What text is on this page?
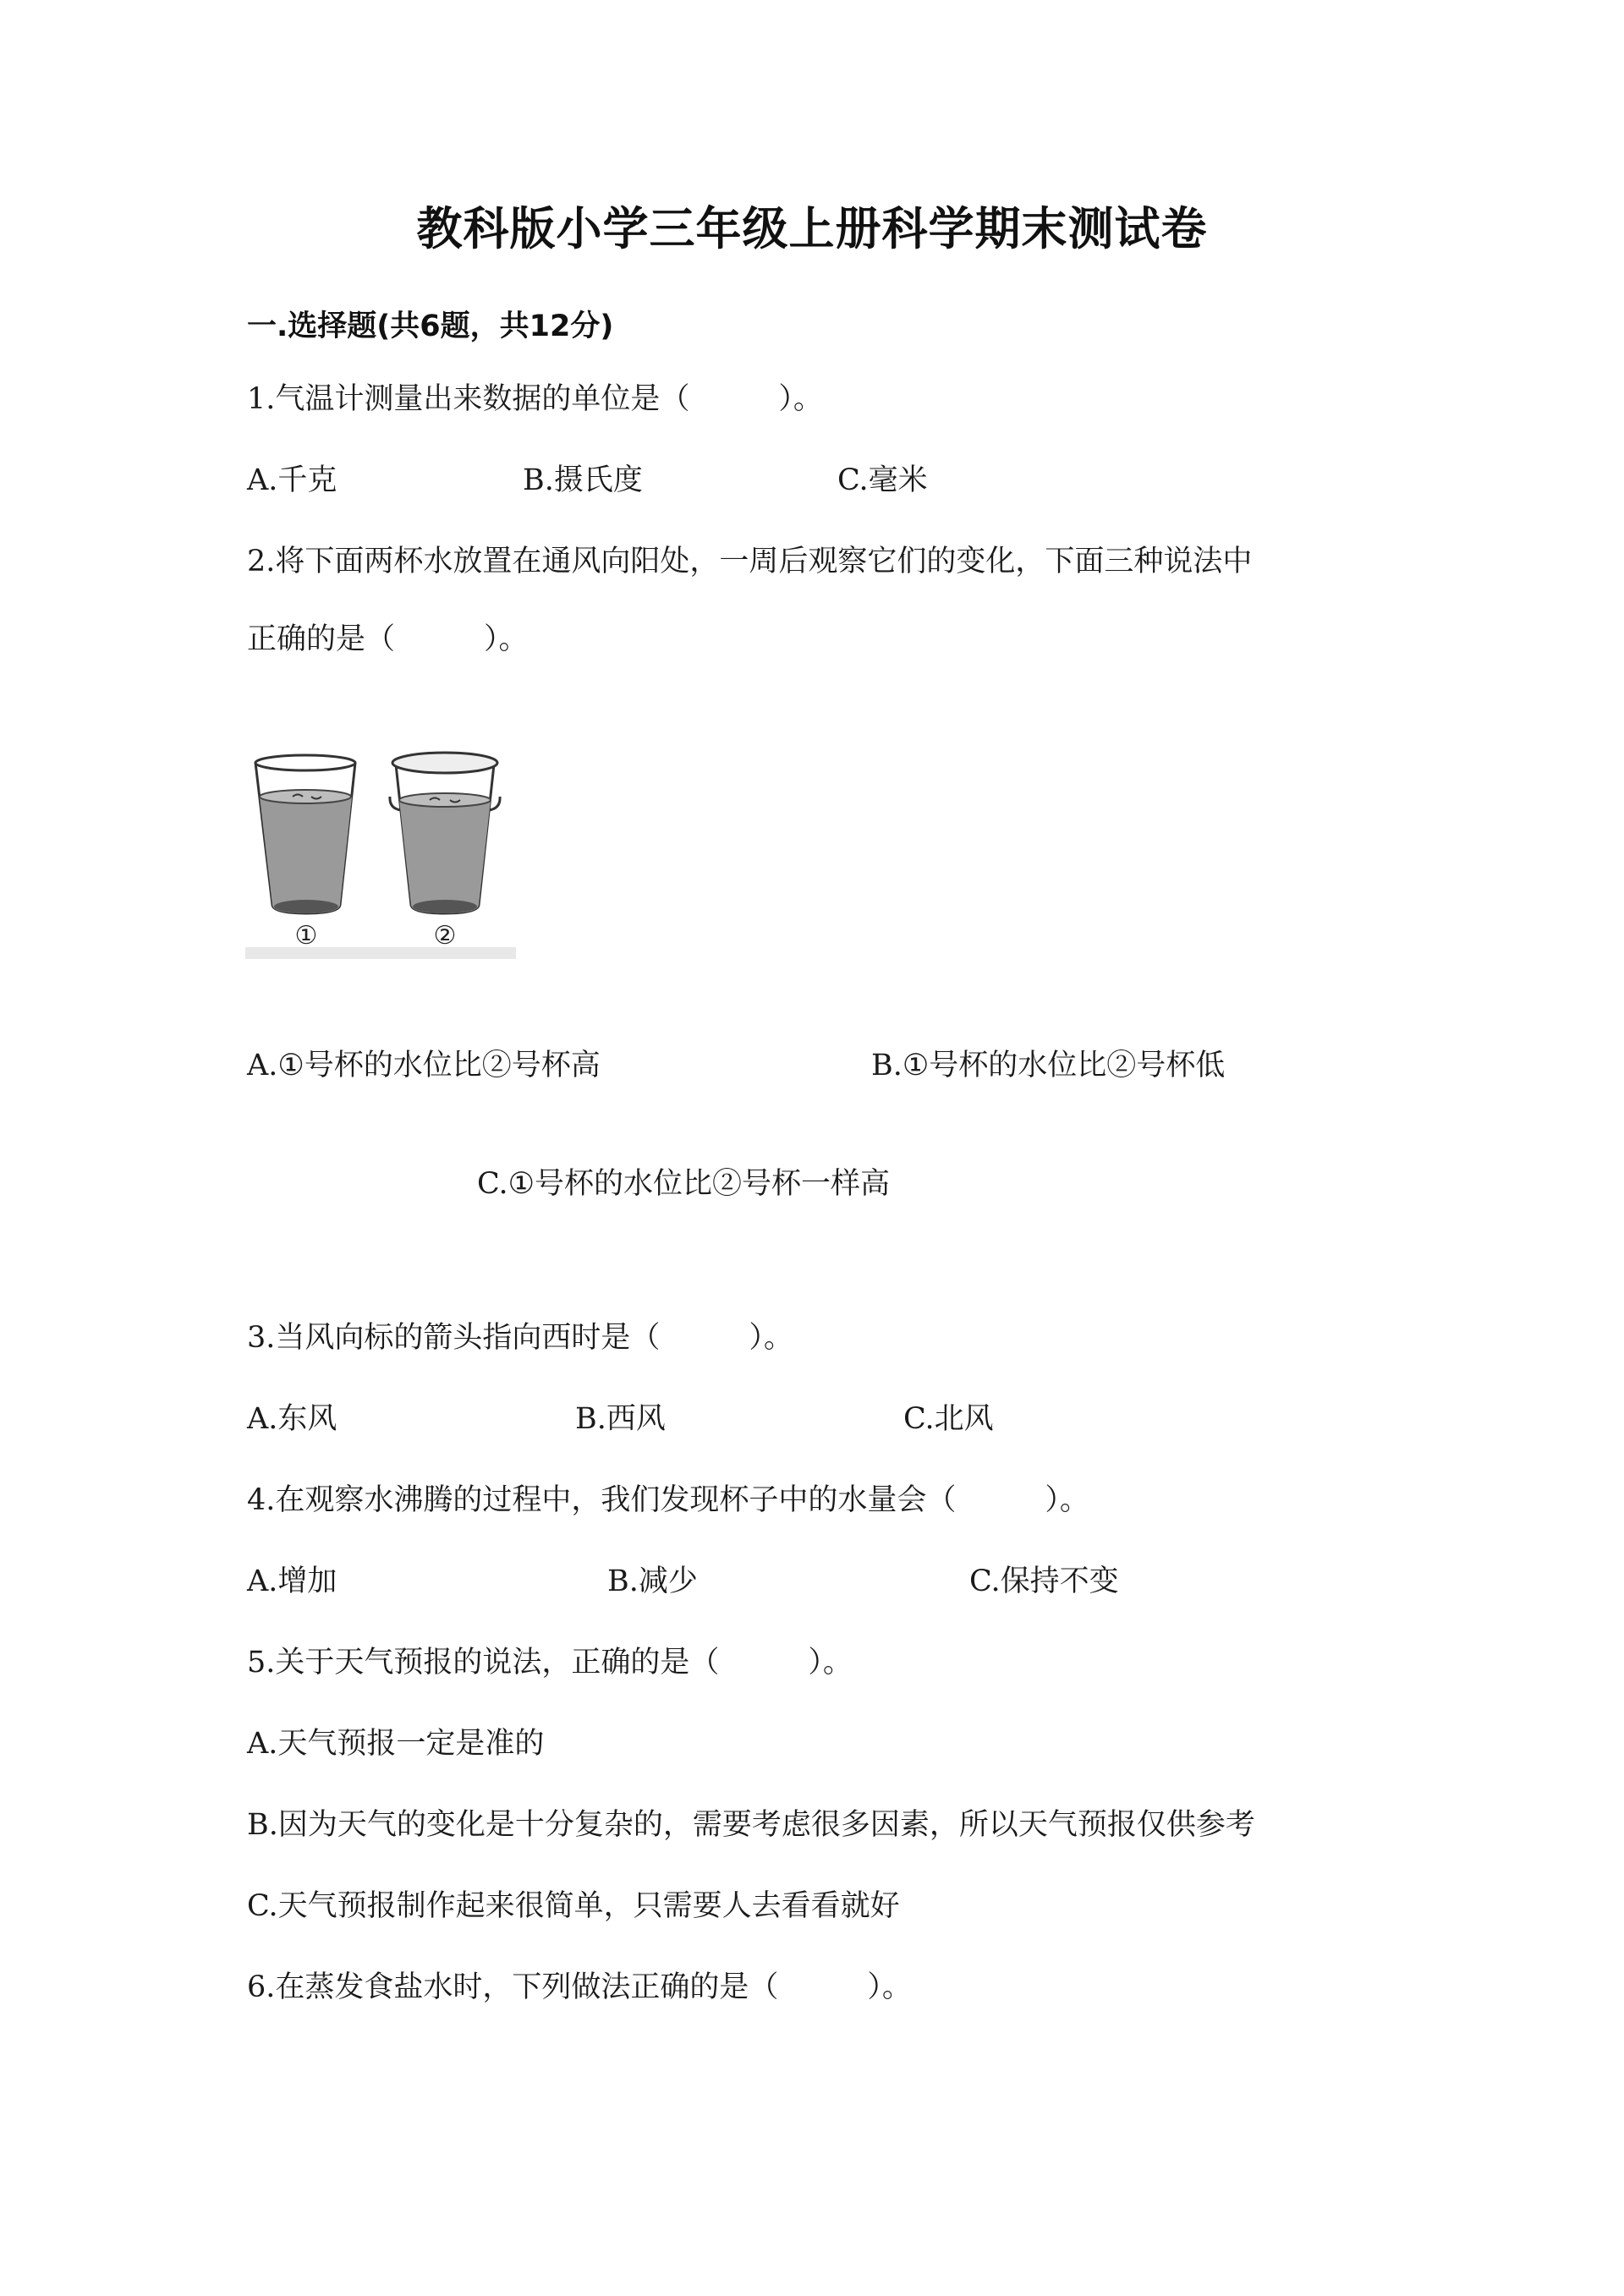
教科版小学三年级上册科学期末测试卷
一.选择题(共6题，共12分)
1.气温计测量出来数据的单位是（　　　）。
A.千克	B.摄氏度	C.毫米
2.将下面两杯水放置在通风向阳处，一周后观察它们的变化，下面三种说法中
正确的是（　　　）。
①	②
A.①号杯的水位比②号杯高	B.①号杯的水位比②号杯低
C.①号杯的水位比②号杯一样高
3.当风向标的箭头指向西时是（　　　）。
A.东风	B.西风	C.北风
4.在观察水沸腾的过程中，我们发现杯子中的水量会（　　　）。
A.增加	B.减少	C.保持不变
5.关于天气预报的说法，正确的是（　　　）。
A.天气预报一定是准的
B.因为天气的变化是十分复杂的，需要考虑很多因素，所以天气预报仅供参考
C.天气预报制作起来很简单，只需要人去看看就好
6.在蒸发食盐水时，下列做法正确的是（　　　）。
